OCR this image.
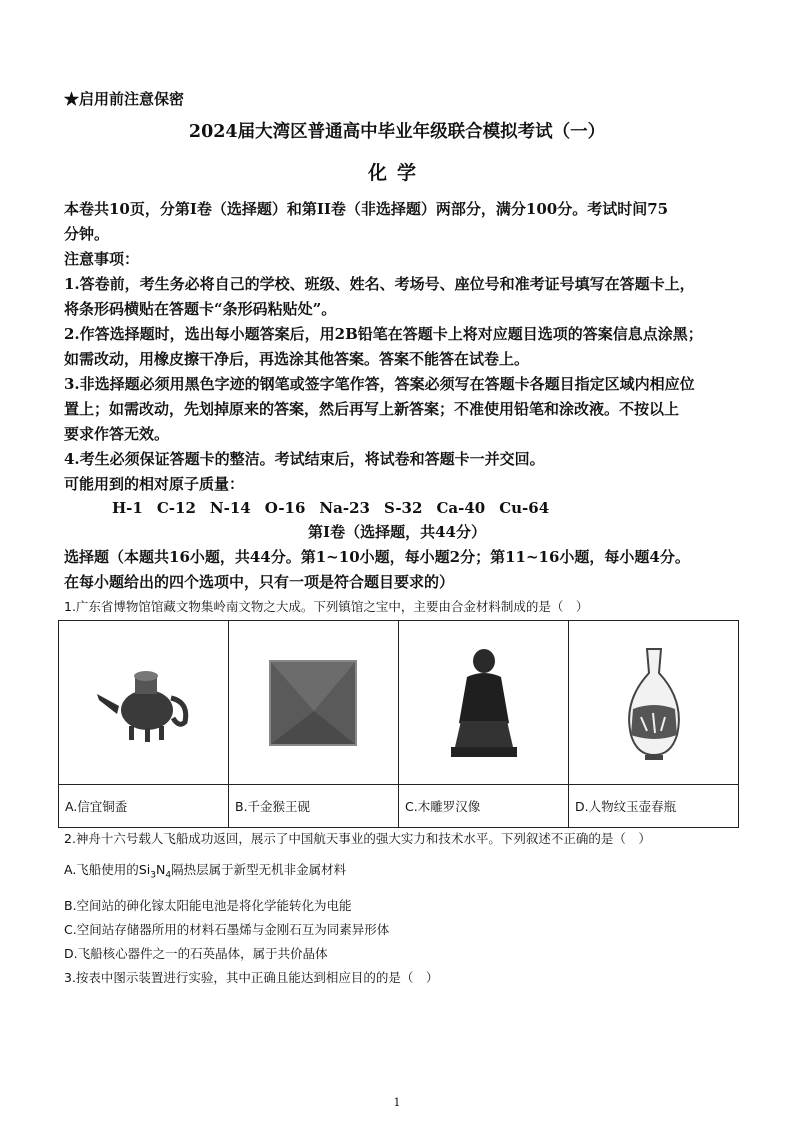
★启用前注意保密
2024届大湾区普通高中毕业年级联合模拟考试（一）
化学
本卷共10页，分第I卷（选择题）和第II卷（非选择题）两部分，满分100分。考试时间75
分钟。
注意事项：
1.答卷前，考生务必将自己的学校、班级、姓名、考场号、座位号和准考证号填写在答题卡上，
将条形码横贴在答题卡“条形码粘贴处”。
2.作答选择题时，选出每小题答案后，用2B铅笔在答题卡上将对应题目选项的答案信息点涂黑；
如需改动，用橡皮擦干净后，再选涂其他答案。答案不能答在试卷上。
3.非选择题必须用黑色字迹的钢笔或签字笔作答，答案必须写在答题卡各题目指定区域内相应位
置上；如需改动，先划掉原来的答案，然后再写上新答案；不准使用铅笔和涂改液。不按以上
要求作答无效。
4.考生必须保证答题卡的整洁。考试结束后，将试卷和答题卡一并交回。
可能用到的相对原子质量：
H-1 C-12 N-14 O-16 Na-23 S-32 Ca-40 Cu-64
第I卷（选择题，共44分）
选择题（本题共16小题，共44分。第1~10小题，每小题2分；第11~16小题，每小题4分。
在每小题给出的四个选项中，只有一项是符合题目要求的）
1.广东省博物馆馆藏文物集岭南文物之大成。下列镇馆之宝中，主要由合金材料制成的是（　）

A.信宜铜盉	B.千金猴王砚	C.木雕罗汉像	D.人物纹玉壶春瓶
2.神舟十六号载人飞船成功返回，展示了中国航天事业的强大实力和技术水平。下列叙述不正确的是（　）
A.飞船使用的$Si_3N_4$隔热层属于新型无机非金属材料
B.空间站的砷化镓太阳能电池是将化学能转化为电能
C.空间站存储器所用的材料石墨烯与金刚石互为同素异形体
D.飞船核心器件之一的石英晶体，属于共价晶体
3.按表中图示装置进行实验，其中正确且能达到相应目的的是（　）
1
